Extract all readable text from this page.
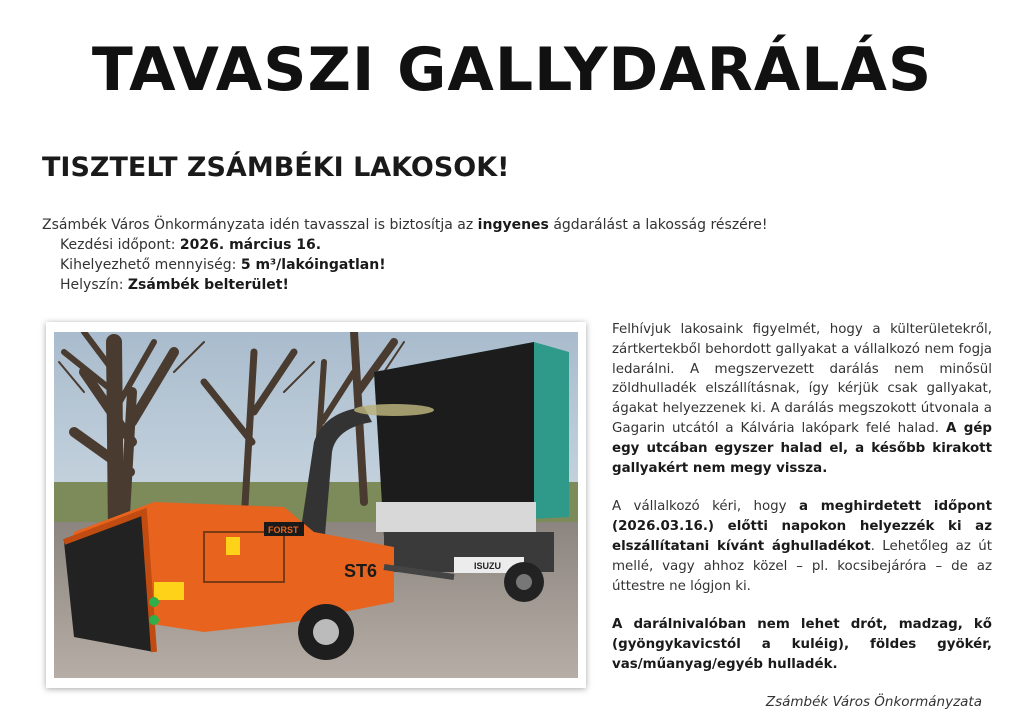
TAVASZI GALLYDARÁLÁS
TISZTELT ZSÁMBÉKI LAKOSOK!
Zsámbék Város Önkormányzata idén tavasszal is biztosítja az ingyenes ágdarálást a lakosság részére!
Kezdési időpont: 2026. március 16.
Kihelyezhető mennyiség: 5 m³/lakóingatlan!
Helyszín: Zsámbék belterület!
ISUZU
FORST
ST6

Felhívjuk lakosaink figyelmét, hogy a külterületekről, zártkertekből behordott gallyakat a vállalkozó nem fogja ledarálni. A megszervezett darálás nem minősül zöldhulladék elszállításnak, így kérjük csak gallyakat, ágakat helyezzenek ki. A darálás megszokott útvonala a Gagarin utcától a Kálvária lakópark felé halad. A gép egy utcában egyszer halad el, a később kirakott gallyakért nem megy vissza.

A vállalkozó kéri, hogy a meghirdetett időpont (2026.03.16.) előtti napokon helyezzék ki az elszállítatani kívánt ághulladékot. Lehetőleg az út mellé, vagy ahhoz közel – pl. kocsibejáróra – de az úttestre ne lógjon ki.

A darálnivalóban nem lehet drót, madzag, kő (gyöngykavicstól a kuléig), földes gyökér, vas/műanyag/egyéb hulladék.

Zsámbék Város Önkormányzata
